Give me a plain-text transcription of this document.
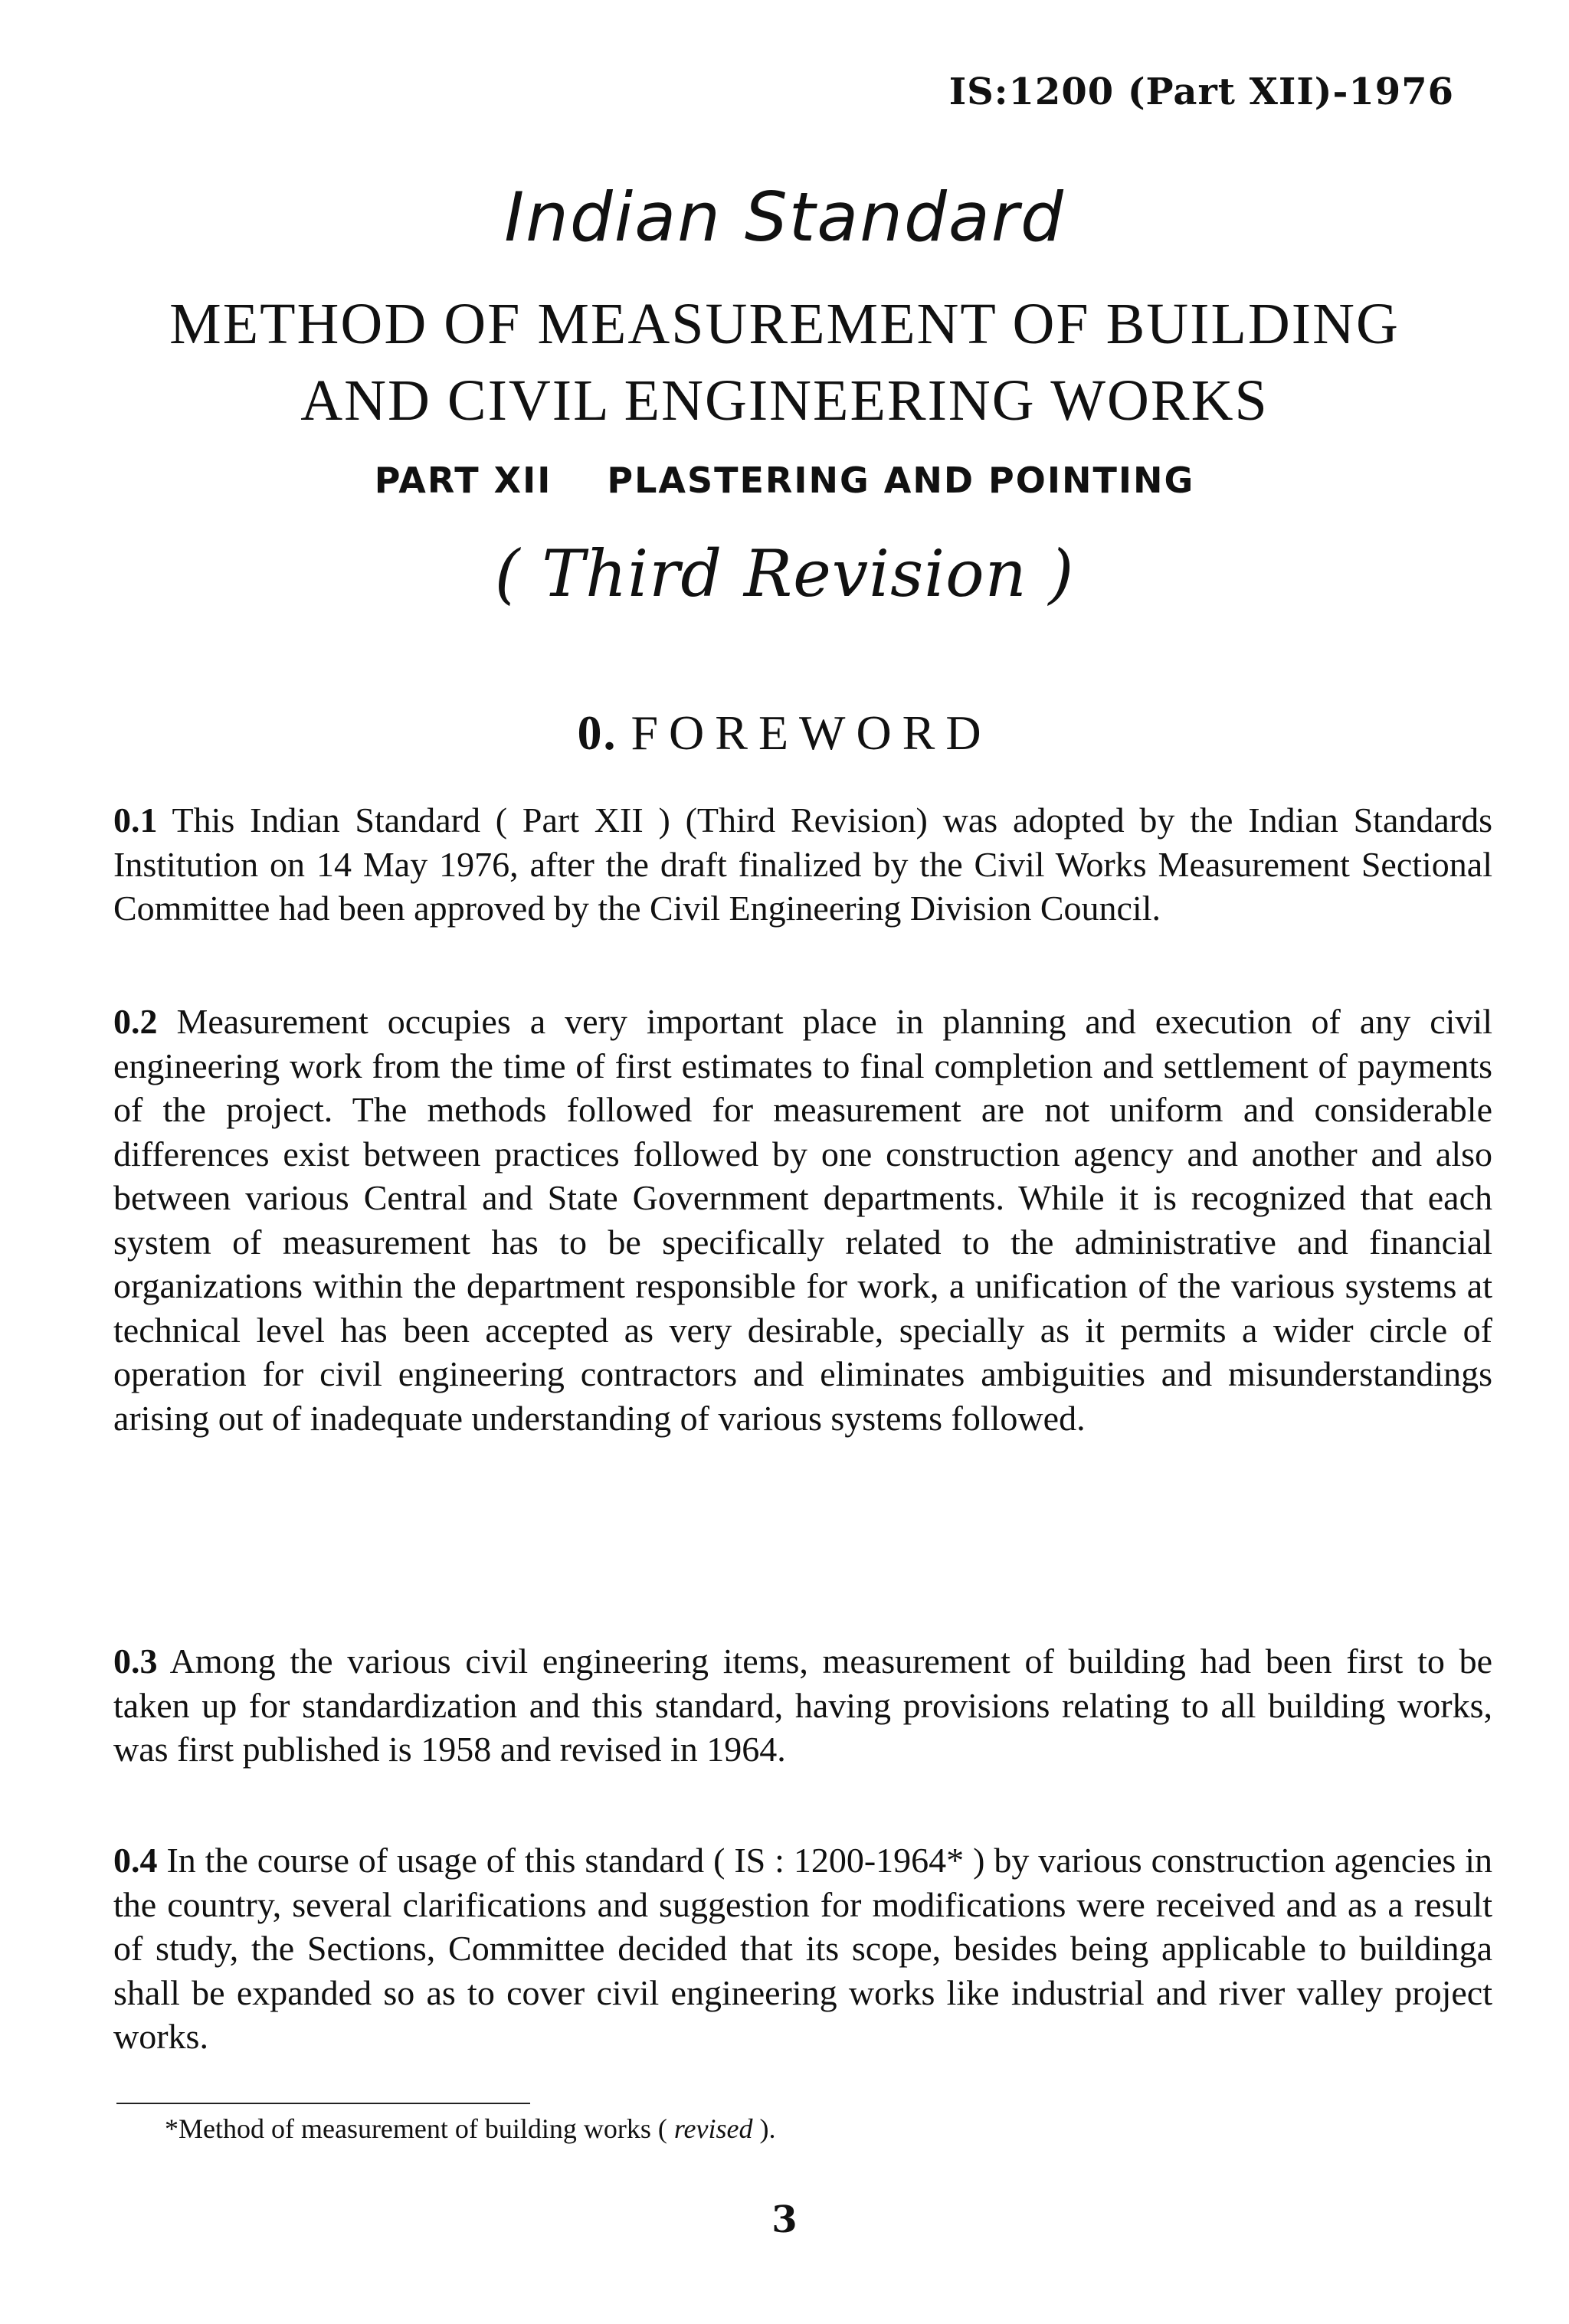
IS:1200 (Part XII)-1976
Indian Standard
METHOD OF MEASUREMENT OF BUILDING
AND CIVIL ENGINEERING WORKS
PART XII    PLASTERING AND POINTING
( Third Revision )
0. FOREWORD

0.1 This Indian Standard ( Part XII ) (Third Revision) was adopted by the Indian Standards Institution on 14 May 1976, after the draft finalized by the Civil Works Measurement Sectional Committee had been approved by the Civil Engineering Division Council.

0.2 Measurement occupies a very important place in planning and execution of any civil engineering work from the time of first estimates to final completion and settlement of payments of the project. The methods followed for measurement are not uniform and considerable differences exist between practices followed by one construction agency and another and also between various Central and State Government departments. While it is recognized that each system of measurement has to be specifically related to the administrative and financial organizations within the department responsible for work, a unification of the various systems at technical level has been accepted as very desirable, specially as it permits a wider circle of operation for civil engineering contractors and eliminates ambiguities and misunderstandings arising out of inadequate understanding of various systems followed.

0.3 Among the various civil engineering items, measurement of building had been first to be taken up for standardization and this standard, having provisions relating to all building works, was first published is 1958 and revised in 1964.

0.4 In the course of usage of this standard ( IS : 1200-1964* ) by various construction agencies in the country, several clarifications and suggestion for modifications were received and as a result of study, the Sections, Committee decided that its scope, besides being applicable to buildinga shall be expanded so as to cover civil engineering works like industrial and river valley project works.

*Method of measurement of building works ( revised ).
3
